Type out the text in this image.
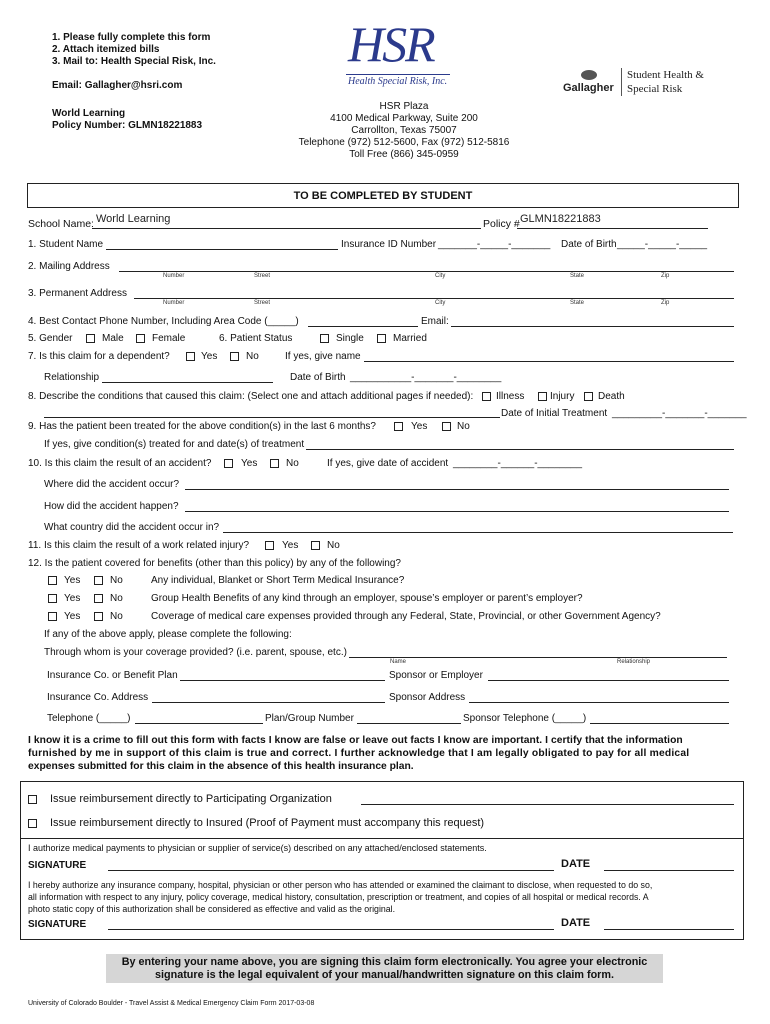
1. Please fully complete this form
2. Attach itemized bills
3. Mail to: Health Special Risk, Inc.
Email: Gallagher@hsri.com
World Learning
Policy Number: GLMN18221883
HSR
Health Special Risk, Inc.
HSR Plaza
4100 Medical Parkway, Suite 200
Carrollton, Texas 75007
Telephone (972) 512-5600, Fax (972) 512-5816
Toll Free (866) 345-0959
Gallagher
Student Health &
Special Risk
TO BE COMPLETED BY STUDENT
School Name: World Learning	Policy # GLMN18221883
1. Student Name	Insurance ID Number _______-_____-_______ Date of Birth _____-_____-_____
2. Mailing Address
Number	Street	City	State	Zip
3. Permanent Address
Number	Street	City	State	Zip
4. Best Contact Phone Number, Including Area Code (_____)	Email:
5. Gender	Male	Female	6. Patient Status	Single	Married
7. Is this claim for a dependent?	Yes	No	If yes, give name
Relationship	Date of Birth ___________-_______-________
8. Describe the conditions that caused this claim: (Select one and attach additional pages if needed): Illness	Injury Death
Date of Initial Treatment _________-_______-_______
9. Has the patient been treated for the above condition(s) in the last 6 months?	Yes	No
If yes, give condition(s) treated for and date(s) of treatment
10. Is this claim the result of an accident?	Yes	No	If yes, give date of accident ________-______-________
Where did the accident occur?
How did the accident happen?
What country did the accident occur in?
11. Is this claim the result of a work related injury?	Yes	No
12. Is the patient covered for benefits (other than this policy) by any of the following?
Yes	No	Any individual, Blanket or Short Term Medical Insurance?
Yes	No	Group Health Benefits of any kind through an employer, spouse’s employer or parent’s employer?
Yes	No	Coverage of medical care expenses provided through any Federal, State, Provincial, or other Government Agency?
If any of the above apply, please complete the following:
Through whom is your coverage provided? (i.e. parent, spouse, etc.)
Name	Relationship
Insurance Co. or Benefit Plan	Sponsor or Employer
Insurance Co. Address	Sponsor Address
Telephone (_____)	Plan/Group Number	Sponsor Telephone (_____)
I know it is a crime to fill out this form with facts I know are false or leave out facts I know are important. I certify that the information
furnished by me in support of this claim is true and correct. I further acknowledge that I am legally obligated to pay for all medical
expenses submitted for this claim in the absence of this health insurance plan.
Issue reimbursement directly to Participating Organization
Issue reimbursement directly to Insured (Proof of Payment must accompany this request)
I authorize medical payments to physician or supplier of service(s) described on any attached/enclosed statements.
SIGNATURE	DATE
I hereby authorize any insurance company, hospital, physician or other person who has attended or examined the claimant to disclose, when requested to do so,
all information with respect to any injury, policy coverage, medical history, consultation, prescription or treatment, and copies of all hospital or medical records. A
photo static copy of this authorization shall be considered as effective and valid as the original.
SIGNATURE	DATE
By entering your name above, you are signing this claim form electronically. You agree your electronic
signature is the legal equivalent of your manual/handwritten signature on this claim form.
University of Colorado Boulder - Travel Assist & Medical Emergency Claim Form 2017-03-08
